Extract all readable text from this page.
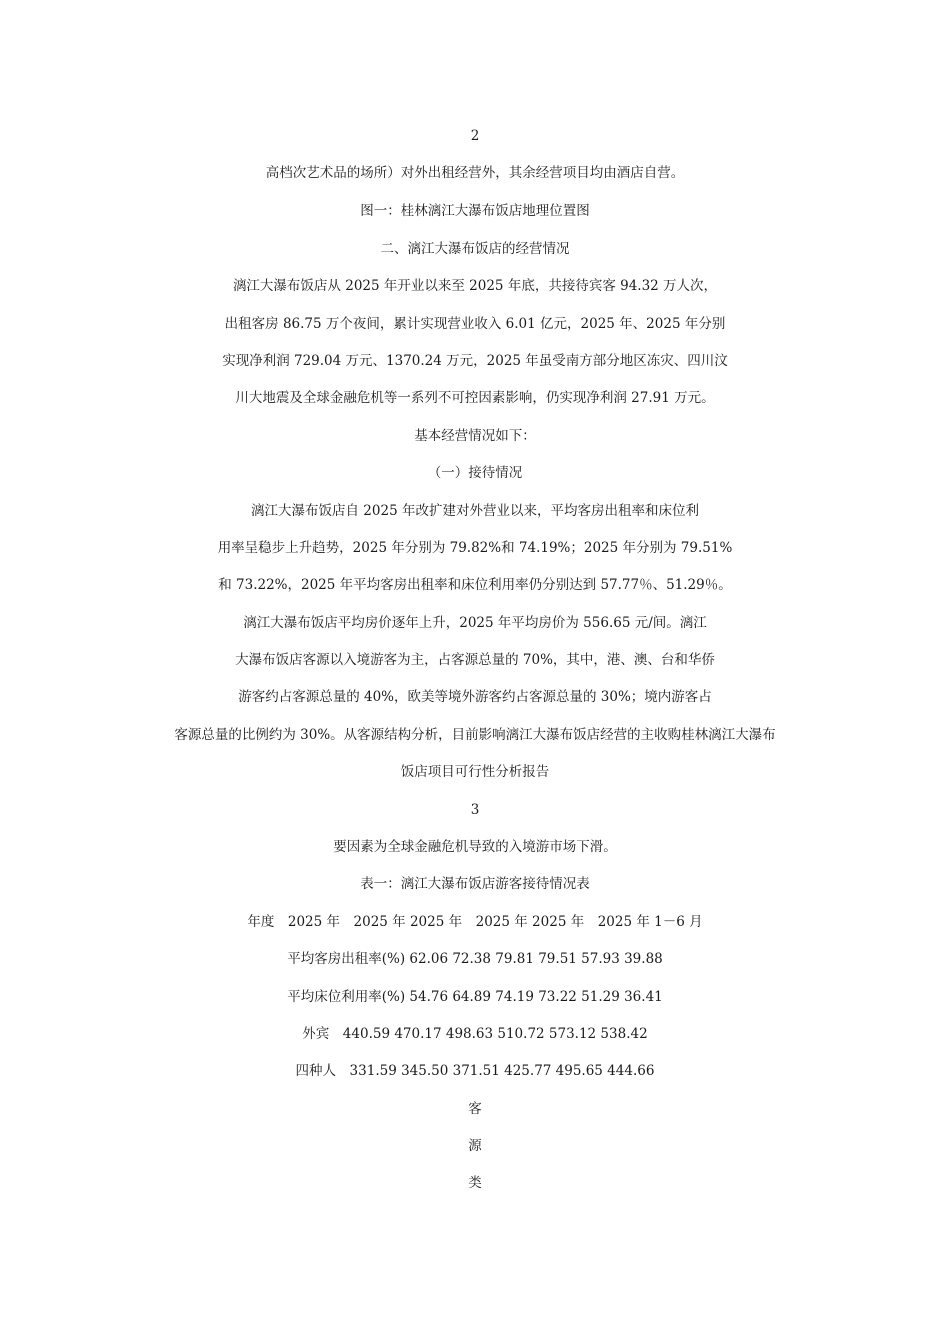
2
高档次艺术品的场所）对外出租经营外，其余经营项目均由酒店自营。
图一：桂林漓江大瀑布饭店地理位置图
二、漓江大瀑布饭店的经营情况
漓江大瀑布饭店从 2025 年开业以来至 2025 年底，共接待宾客 94.32 万人次，
出租客房 86.75 万个夜间，累计实现营业收入 6.01 亿元，2025 年、2025 年分别
实现净利润 729.04 万元、1370.24 万元，2025 年虽受南方部分地区冻灾、四川汶
川大地震及全球金融危机等一系列不可控因素影响，仍实现净利润 27.91 万元。
基本经营情况如下：
（一）接待情况
漓江大瀑布饭店自 2025 年改扩建对外营业以来，平均客房出租率和床位利
用率呈稳步上升趋势，2025 年分别为 79.82%和 74.19%；2025 年分别为 79.51%
和 73.22%，2025 年平均客房出租率和床位利用率仍分别达到 57.77％、51.29％。
漓江大瀑布饭店平均房价逐年上升，2025 年平均房价为 556.65 元/间。漓江
大瀑布饭店客源以入境游客为主，占客源总量的 70%，其中，港、澳、台和华侨
游客约占客源总量的 40%，欧美等境外游客约占客源总量的 30%；境内游客占
客源总量的比例约为 30%。从客源结构分析，目前影响漓江大瀑布饭店经营的主收购桂林漓江大瀑布
饭店项目可行性分析报告
3
要因素为全球金融危机导致的入境游市场下滑。
表一：漓江大瀑布饭店游客接待情况表
年度　2025 年　2025 年 2025 年　2025 年 2025 年　2025 年 1－6 月
平均客房出租率(%) 62.06 72.38 79.81 79.51 57.93 39.88
平均床位利用率(%) 54.76 64.89 74.19 73.22 51.29 36.41
外宾　440.59 470.17 498.63 510.72 573.12 538.42
四种人　331.59 345.50 371.51 425.77 495.65 444.66
客
源
类
